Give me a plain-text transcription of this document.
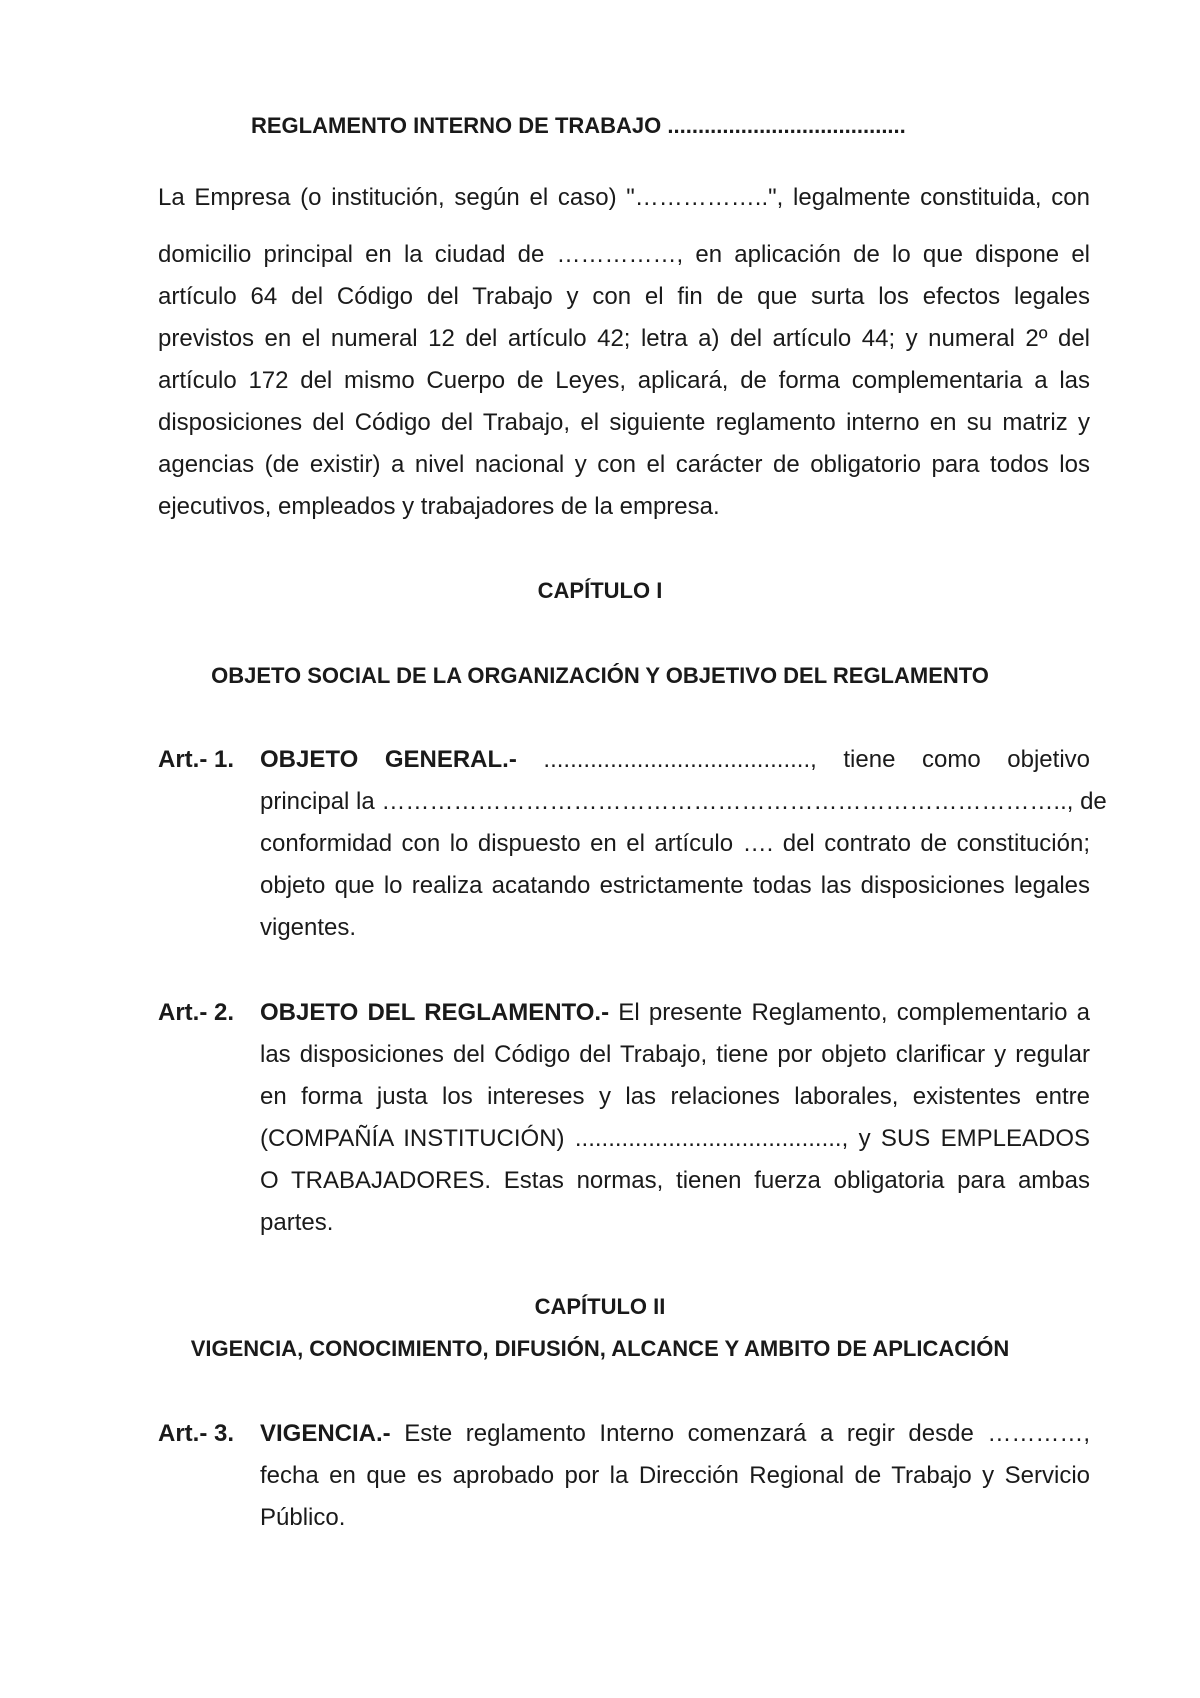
REGLAMENTO INTERNO DE TRABAJO .......................................
La Empresa (o institución, según el caso) "……………..", legalmente constituida, con
domicilio principal en la ciudad de ……………, en aplicación de lo que dispone el
artículo 64 del Código del Trabajo y con el fin de que surta los efectos legales
previstos en el numeral 12 del artículo 42; letra a) del artículo 44; y numeral 2º del
artículo 172 del mismo Cuerpo de Leyes, aplicará, de forma complementaria a las
disposiciones del Código del Trabajo, el siguiente reglamento interno en su matriz y
agencias (de existir) a nivel nacional y con el carácter de obligatorio para todos los
ejecutivos, empleados y trabajadores de la empresa.
CAPÍTULO I
OBJETO SOCIAL DE LA ORGANIZACIÓN Y OBJETIVO DEL REGLAMENTO
Art.- 1. OBJETO GENERAL.- ........................................, tiene como objetivo
principal la ………………………………………………………………………….., de
conformidad con lo dispuesto en el artículo …. del contrato de constitución;
objeto que lo realiza acatando estrictamente todas las disposiciones legales
vigentes.
Art.- 2. OBJETO DEL REGLAMENTO.- El presente Reglamento, complementario a
las disposiciones del Código del Trabajo, tiene por objeto clarificar y regular
en forma justa los intereses y las relaciones laborales, existentes entre
(COMPAÑÍA INSTITUCIÓN) ........................................, y SUS EMPLEADOS
O TRABAJADORES. Estas normas, tienen fuerza obligatoria para ambas
partes.
CAPÍTULO II
VIGENCIA, CONOCIMIENTO, DIFUSIÓN, ALCANCE Y AMBITO DE APLICACIÓN
Art.- 3. VIGENCIA.- Este reglamento Interno comenzará a regir desde …………,
fecha en que es aprobado por la Dirección Regional de Trabajo y Servicio
Público.
